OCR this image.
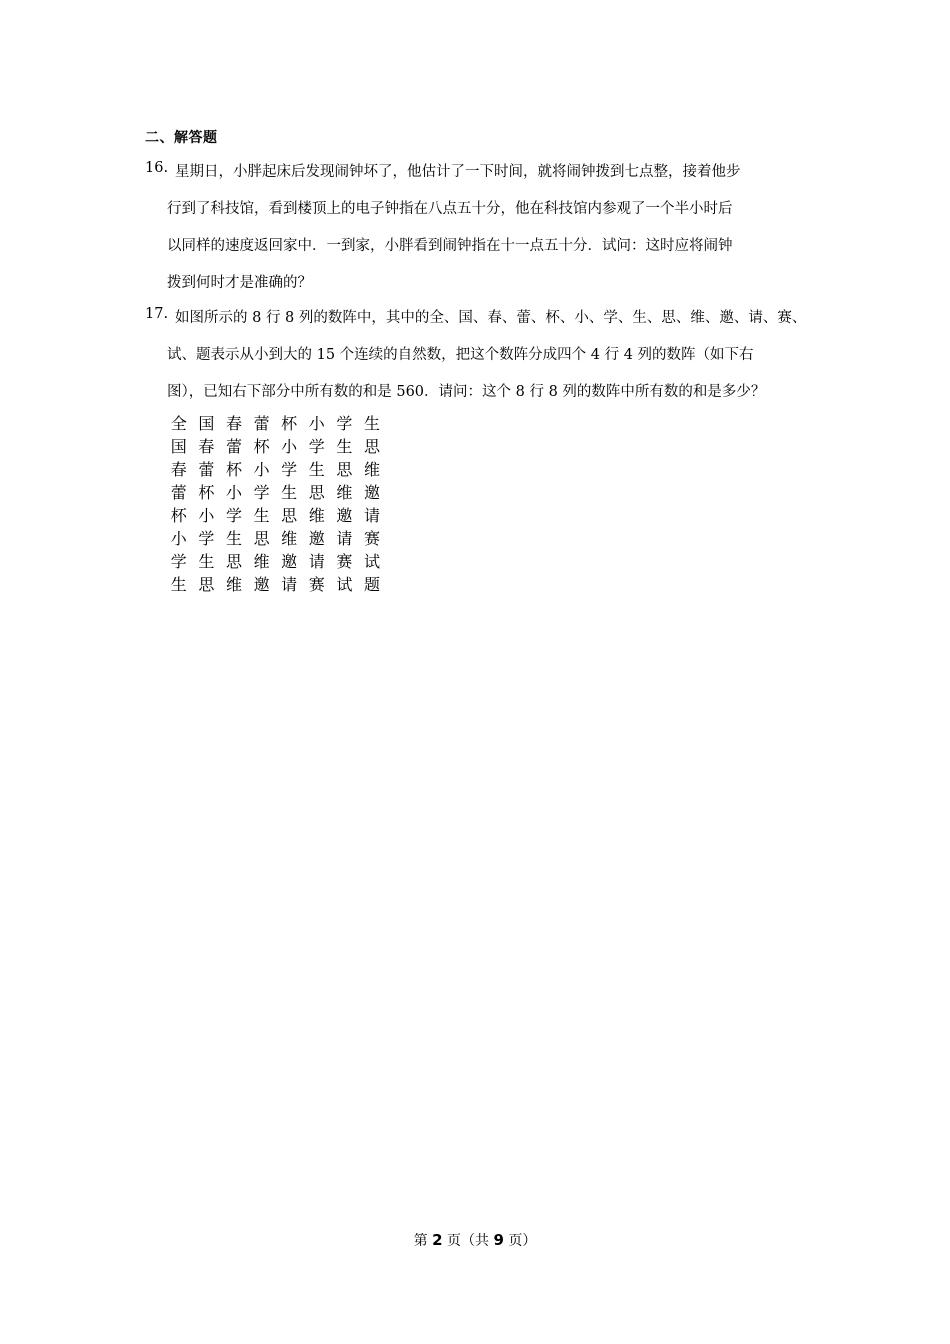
二、解答题
16. 星期日，小胖起床后发现闹钟坏了，他估计了一下时间，就将闹钟拨到七点整，接着他步
行到了科技馆，看到楼顶上的电子钟指在八点五十分，他在科技馆内参观了一个半小时后
以同样的速度返回家中．一到家，小胖看到闹钟指在十一点五十分．试问：这时应将闹钟
拨到何时才是准确的？
17. 如图所示的 8 行 8 列的数阵中，其中的全、国、春、蕾、杯、小、学、生、思、维、邀、请、赛、
试、题表示从小到大的 15 个连续的自然数，把这个数阵分成四个 4 行 4 列的数阵（如下右
图），已知右下部分中所有数的和是 560．请问：这个 8 行 8 列的数阵中所有数的和是多少？
全 国 春 蕾 杯 小 学 生
国 春 蕾 杯 小 学 生 思
春 蕾 杯 小 学 生 思 维
蕾 杯 小 学 生 思 维 邀
杯 小 学 生 思 维 邀 请
小 学 生 思 维 邀 请 赛
学 生 思 维 邀 请 赛 试
生 思 维 邀 请 赛 试 题
第 2 页（共 9 页）
